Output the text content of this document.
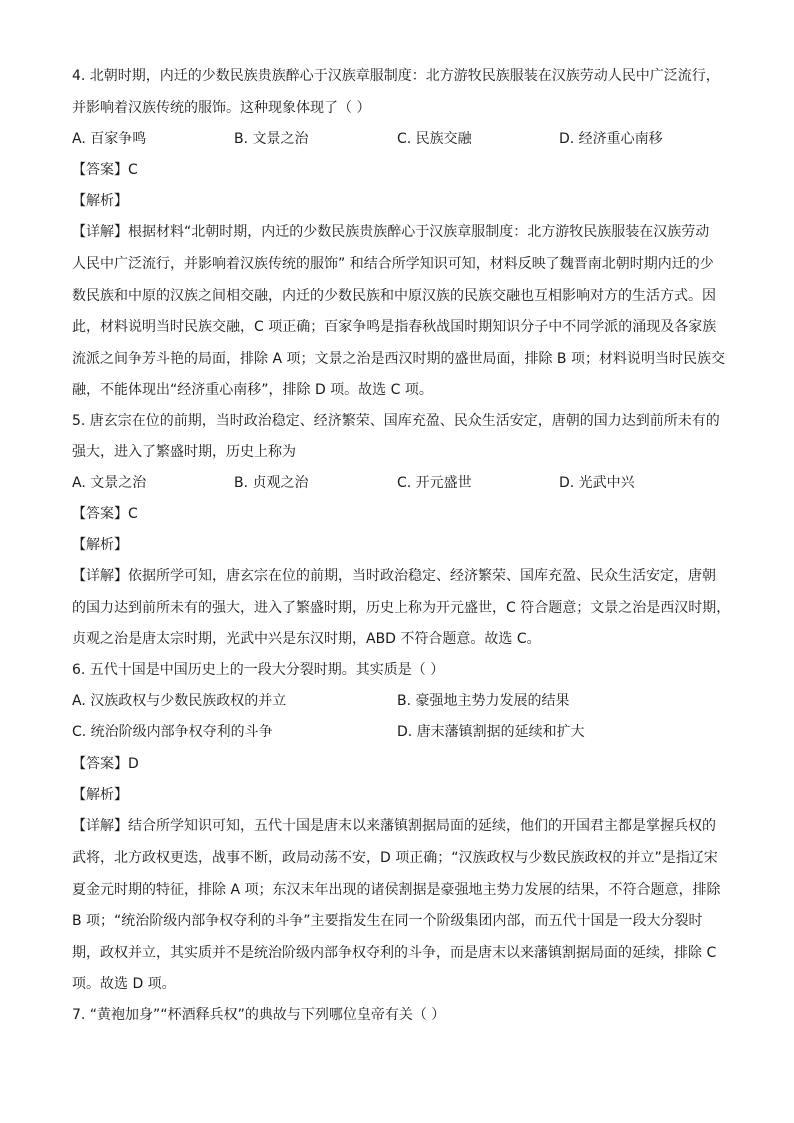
4. 北朝时期，内迁的少数民族贵族醉心于汉族章服制度：北方游牧民族服装在汉族劳动人民中广泛流行，
并影响着汉族传统的服饰。这种现象体现了（ ）
A. 百家争鸣	B. 文景之治	C. 民族交融	D. 经济重心南移
【答案】C
【解析】
【详解】根据材料“北朝时期，内迁的少数民族贵族醉心于汉族章服制度：北方游牧民族服装在汉族劳动
人民中广泛流行，并影响着汉族传统的服饰” 和结合所学知识可知，材料反映了魏晋南北朝时期内迁的少
数民族和中原的汉族之间相交融，内迁的少数民族和中原汉族的民族交融也互相影响对方的生活方式。因
此，材料说明当时民族交融，C 项正确；百家争鸣是指春秋战国时期知识分子中不同学派的涌现及各家族
流派之间争芳斗艳的局面，排除 A 项；文景之治是西汉时期的盛世局面，排除 B 项；材料说明当时民族交
融，不能体现出“经济重心南移”，排除 D 项。故选 C 项。
5. 唐玄宗在位的前期，当时政治稳定、经济繁荣、国库充盈、民众生活安定，唐朝的国力达到前所未有的
强大，进入了繁盛时期，历史上称为
A. 文景之治	B. 贞观之治	C. 开元盛世	D. 光武中兴
【答案】C
【解析】
【详解】依据所学可知，唐玄宗在位的前期，当时政治稳定、经济繁荣、国库充盈、民众生活安定，唐朝
的国力达到前所未有的强大，进入了繁盛时期，历史上称为开元盛世，C 符合题意；文景之治是西汉时期，
贞观之治是唐太宗时期，光武中兴是东汉时期，ABD 不符合题意。故选 C。
6. 五代十国是中国历史上的一段大分裂时期。其实质是（ ）
A. 汉族政权与少数民族政权的并立	B. 豪强地主势力发展的结果
C. 统治阶级内部争权夺利的斗争	D. 唐末藩镇割据的延续和扩大
【答案】D
【解析】
【详解】结合所学知识可知，五代十国是唐末以来藩镇割据局面的延续，他们的开国君主都是掌握兵权的
武将，北方政权更迭，战事不断，政局动荡不安，D 项正确；“汉族政权与少数民族政权的并立”是指辽宋
夏金元时期的特征，排除 A 项；东汉末年出现的诸侯割据是豪强地主势力发展的结果，不符合题意，排除
B 项；“统治阶级内部争权夺利的斗争”主要指发生在同一个阶级集团内部，而五代十国是一段大分裂时
期，政权并立，其实质并不是统治阶级内部争权夺利的斗争，而是唐末以来藩镇割据局面的延续，排除 C
项。故选 D 项。
7. “黄袍加身”“杯酒释兵权”的典故与下列哪位皇帝有关（ ）
